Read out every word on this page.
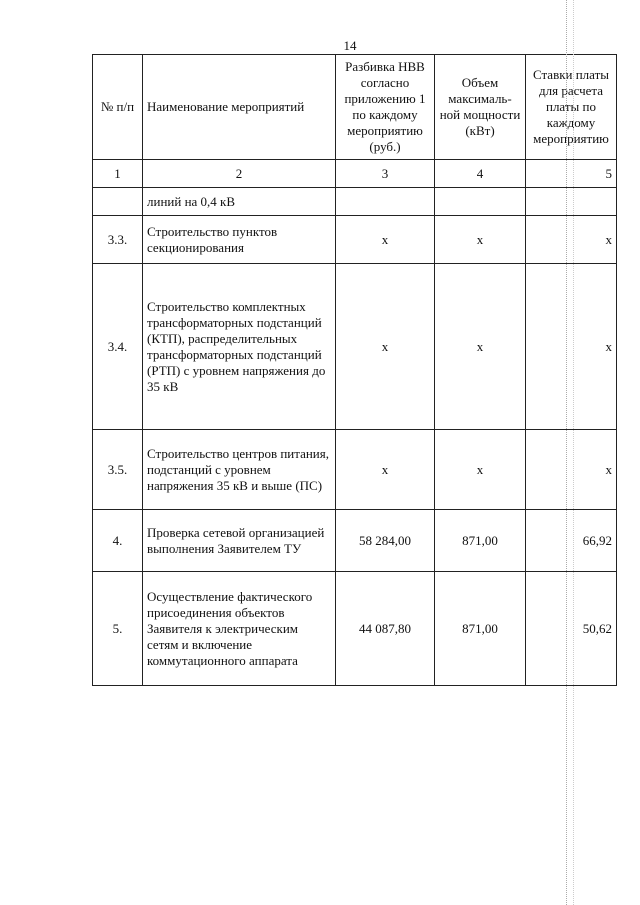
14
№ п/п	Наименование мероприятий	Разбивка НВВ согласно приложению 1 по каждому мероприятию (руб.)	Объем максималь-ной мощности (кВт)	Ставки платы для расчета платы по каждому мероприятию
1	2	3	4	5
	линий на 0,4 кВ			
3.3.	Строительство пунктов секционирования	x	x	x
3.4.	Строительство комплектных трансформаторных подстанций (КТП), распределительных трансформаторных подстанций (РТП) с уровнем напряжения до 35 кВ	x	x	x
3.5.	Строительство центров питания, подстанций с уровнем напряжения 35 кВ и выше (ПС)	x	x	x
4.	Проверка сетевой организацией выполнения Заявителем ТУ	58 284,00	871,00	66,92
5.	Осуществление фактического присоединения объектов Заявителя к электрическим сетям и включение коммутационного аппарата	44 087,80	871,00	50,62
